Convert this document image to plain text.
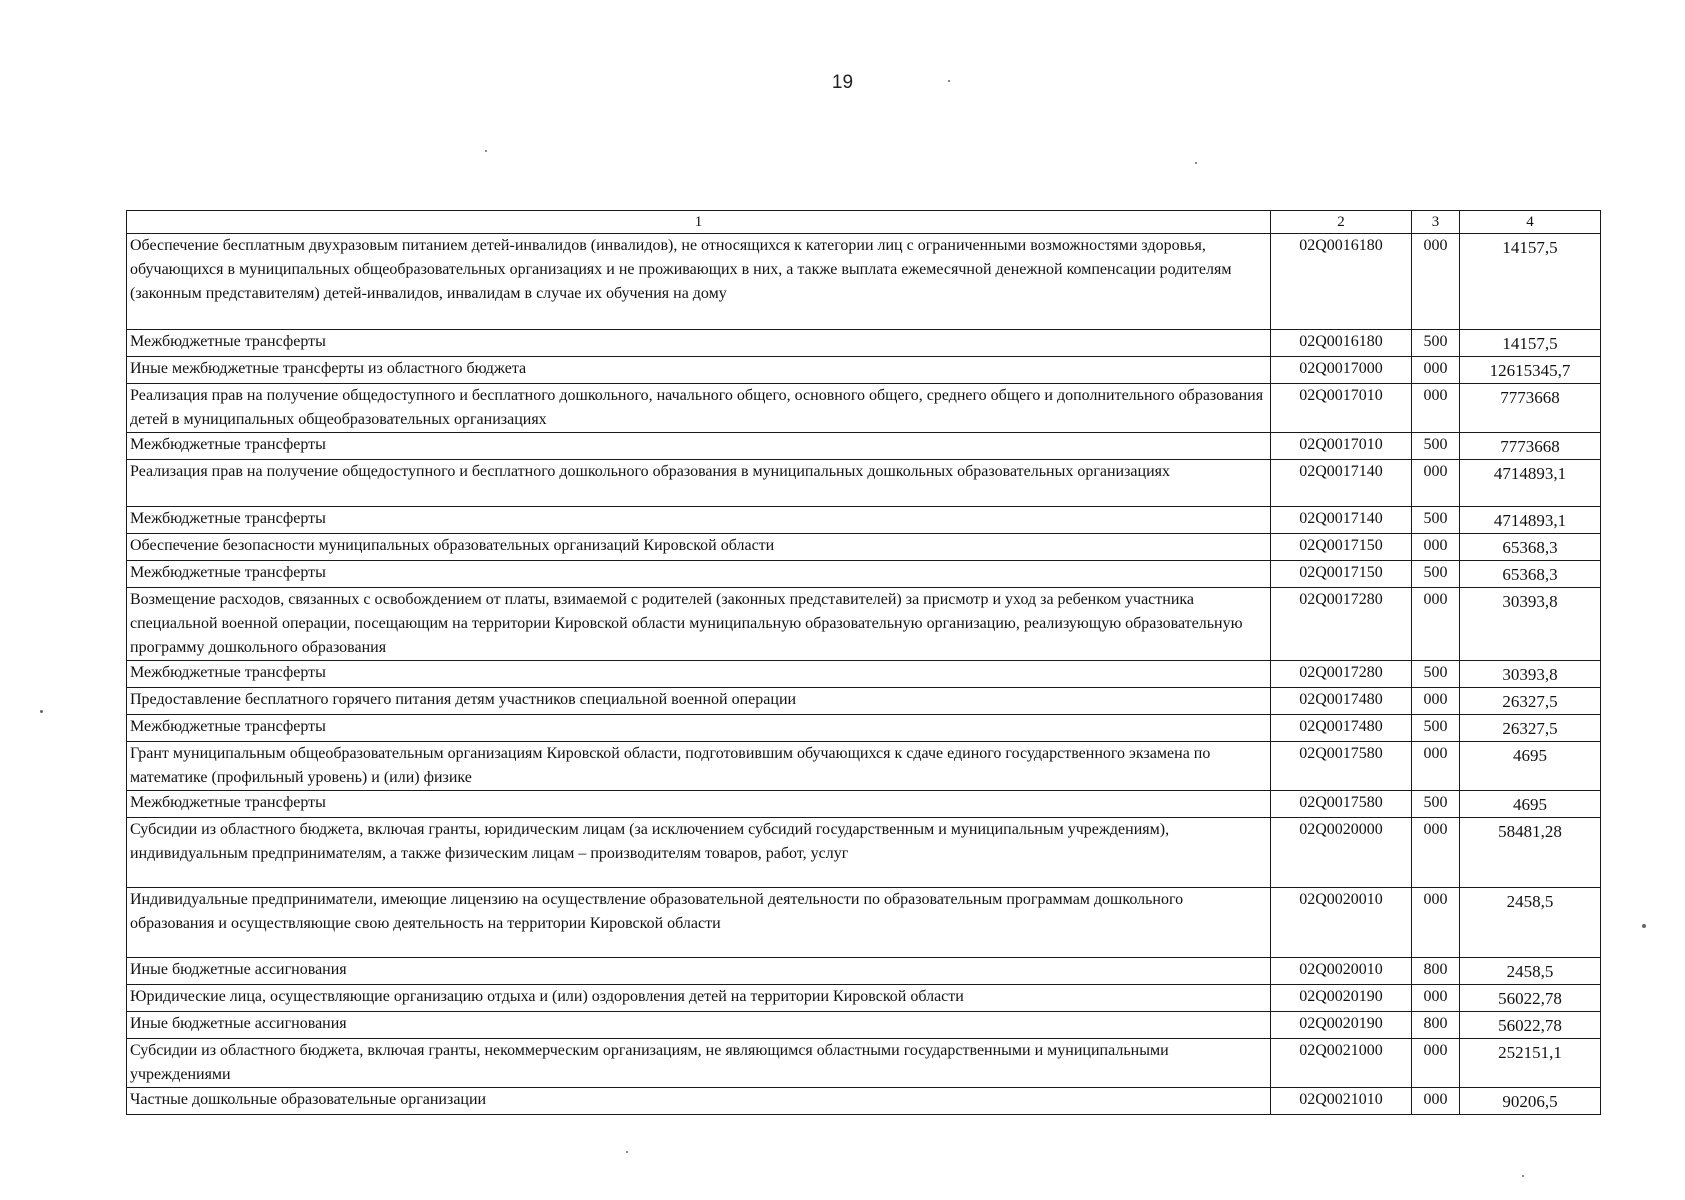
19
1	2	3	4
Обеспечение бесплатным двухразовым питанием детей-инвалидов (инвалидов), не относящихся к категории лиц с ограниченными возможностями здоровья, обучающихся в муниципальных общеобразовательных организациях и не проживающих в них, а также выплата ежемесячной денежной компенсации родителям (законным представителям) детей-инвалидов, инвалидам в случае их обучения на дому	02Q0016180	000	14157,5
Межбюджетные трансферты	02Q0016180	500	14157,5
Иные межбюджетные трансферты из областного бюджета	02Q0017000	000	12615345,7
Реализация прав на получение общедоступного и бесплатного дошкольного, начального общего, основного общего, среднего общего и дополнительного образования детей в муниципальных общеобразовательных организациях	02Q0017010	000	7773668
Межбюджетные трансферты	02Q0017010	500	7773668
Реализация прав на получение общедоступного и бесплатного дошкольного образования в муниципальных дошкольных образовательных организациях	02Q0017140	000	4714893,1
Межбюджетные трансферты	02Q0017140	500	4714893,1
Обеспечение безопасности муниципальных образовательных организаций Кировской области	02Q0017150	000	65368,3
Межбюджетные трансферты	02Q0017150	500	65368,3
Возмещение расходов, связанных с освобождением от платы, взимаемой с родителей (законных представителей) за присмотр и уход за ребенком участника специальной военной операции, посещающим на территории Кировской области муниципальную образовательную организацию, реализующую образовательную программу дошкольного образования	02Q0017280	000	30393,8
Межбюджетные трансферты	02Q0017280	500	30393,8
Предоставление бесплатного горячего питания детям участников специальной военной операции	02Q0017480	000	26327,5
Межбюджетные трансферты	02Q0017480	500	26327,5
Грант муниципальным общеобразовательным организациям Кировской области, подготовившим обучающихся к сдаче единого государственного экзамена по математике (профильный уровень) и (или) физике	02Q0017580	000	4695
Межбюджетные трансферты	02Q0017580	500	4695
Субсидии из областного бюджета, включая гранты, юридическим лицам (за исключением субсидий государственным и муниципальным учреждениям), индивидуальным предпринимателям, а также физическим лицам – производителям товаров, работ, услуг	02Q0020000	000	58481,28
Индивидуальные предприниматели, имеющие лицензию на осуществление образовательной деятельности по образовательным программам дошкольного образования и осуществляющие свою деятельность на территории Кировской области	02Q0020010	000	2458,5
Иные бюджетные ассигнования	02Q0020010	800	2458,5
Юридические лица, осуществляющие организацию отдыха и (или) оздоровления детей на территории Кировской области	02Q0020190	000	56022,78
Иные бюджетные ассигнования	02Q0020190	800	56022,78
Субсидии из областного бюджета, включая гранты, некоммерческим организациям, не являющимся областными государственными и муниципальными учреждениями	02Q0021000	000	252151,1
Частные дошкольные образовательные организации	02Q0021010	000	90206,5
